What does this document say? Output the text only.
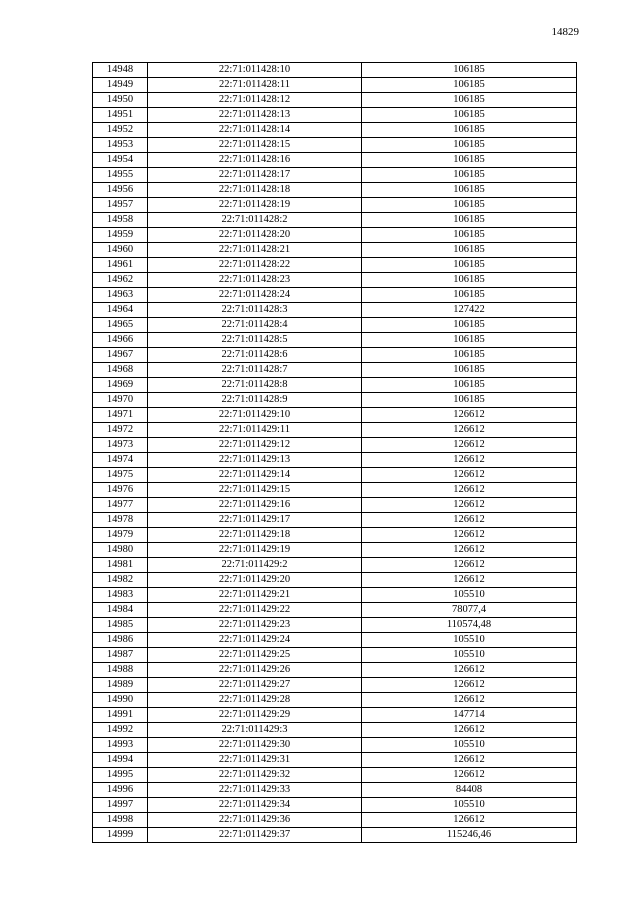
14829
14948	22:71:011428:10	106185
14949	22:71:011428:11	106185
14950	22:71:011428:12	106185
14951	22:71:011428:13	106185
14952	22:71:011428:14	106185
14953	22:71:011428:15	106185
14954	22:71:011428:16	106185
14955	22:71:011428:17	106185
14956	22:71:011428:18	106185
14957	22:71:011428:19	106185
14958	22:71:011428:2	106185
14959	22:71:011428:20	106185
14960	22:71:011428:21	106185
14961	22:71:011428:22	106185
14962	22:71:011428:23	106185
14963	22:71:011428:24	106185
14964	22:71:011428:3	127422
14965	22:71:011428:4	106185
14966	22:71:011428:5	106185
14967	22:71:011428:6	106185
14968	22:71:011428:7	106185
14969	22:71:011428:8	106185
14970	22:71:011428:9	106185
14971	22:71:011429:10	126612
14972	22:71:011429:11	126612
14973	22:71:011429:12	126612
14974	22:71:011429:13	126612
14975	22:71:011429:14	126612
14976	22:71:011429:15	126612
14977	22:71:011429:16	126612
14978	22:71:011429:17	126612
14979	22:71:011429:18	126612
14980	22:71:011429:19	126612
14981	22:71:011429:2	126612
14982	22:71:011429:20	126612
14983	22:71:011429:21	105510
14984	22:71:011429:22	78077,4
14985	22:71:011429:23	110574,48
14986	22:71:011429:24	105510
14987	22:71:011429:25	105510
14988	22:71:011429:26	126612
14989	22:71:011429:27	126612
14990	22:71:011429:28	126612
14991	22:71:011429:29	147714
14992	22:71:011429:3	126612
14993	22:71:011429:30	105510
14994	22:71:011429:31	126612
14995	22:71:011429:32	126612
14996	22:71:011429:33	84408
14997	22:71:011429:34	105510
14998	22:71:011429:36	126612
14999	22:71:011429:37	115246,46
